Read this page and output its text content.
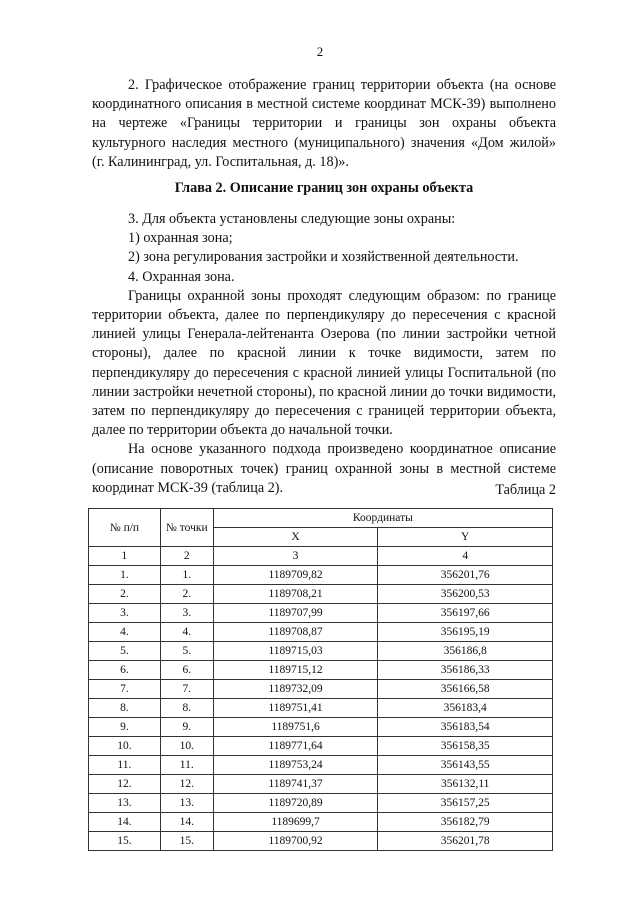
2

2. Графическое отображение границ территории объекта (на основе координатного описания в местной системе координат МСК-39) выполнено на чертеже «Границы территории и границы зон охраны объекта культурного наследия местного (муниципального) значения «Дом жилой» (г. Калининград, ул. Госпитальная, д. 18)».

Глава 2. Описание границ зон охраны объекта

3. Для объекта установлены следующие зоны охраны:

1) охранная зона;

2) зона регулирования застройки и хозяйственной деятельности.

4. Охранная зона.

Границы охранной зоны проходят следующим образом: по границе территории объекта, далее по перпендикуляру до пересечения с красной линией улицы Генерала-лейтенанта Озерова (по линии застройки четной стороны), далее по красной линии к точке видимости, затем по перпендикуляру до пересечения с красной линией улицы Госпитальной (по линии застройки нечетной стороны), по красной линии до точки видимости, затем по перпендикуляру до пересечения с границей территории объекта, далее по территории объекта до начальной точки.

На основе указанного подхода произведено координатное описание (описание поворотных точек) границ охранной зоны в местной системе координат МСК-39 (таблица 2).	Таблица 2
№ п/п	№ точки	Координаты	
		X	Y
1	2	3	4
1.	1.	1189709,82	356201,76
2.	2.	1189708,21	356200,53
3.	3.	1189707,99	356197,66
4.	4.	1189708,87	356195,19
5.	5.	1189715,03	356186,8
6.	6.	1189715,12	356186,33
7.	7.	1189732,09	356166,58
8.	8.	1189751,41	356183,4
9.	9.	1189751,6	356183,54
10.	10.	1189771,64	356158,35
11.	11.	1189753,24	356143,55
12.	12.	1189741,37	356132,11
13.	13.	1189720,89	356157,25
14.	14.	1189699,7	356182,79
15.	15.	1189700,92	356201,78
